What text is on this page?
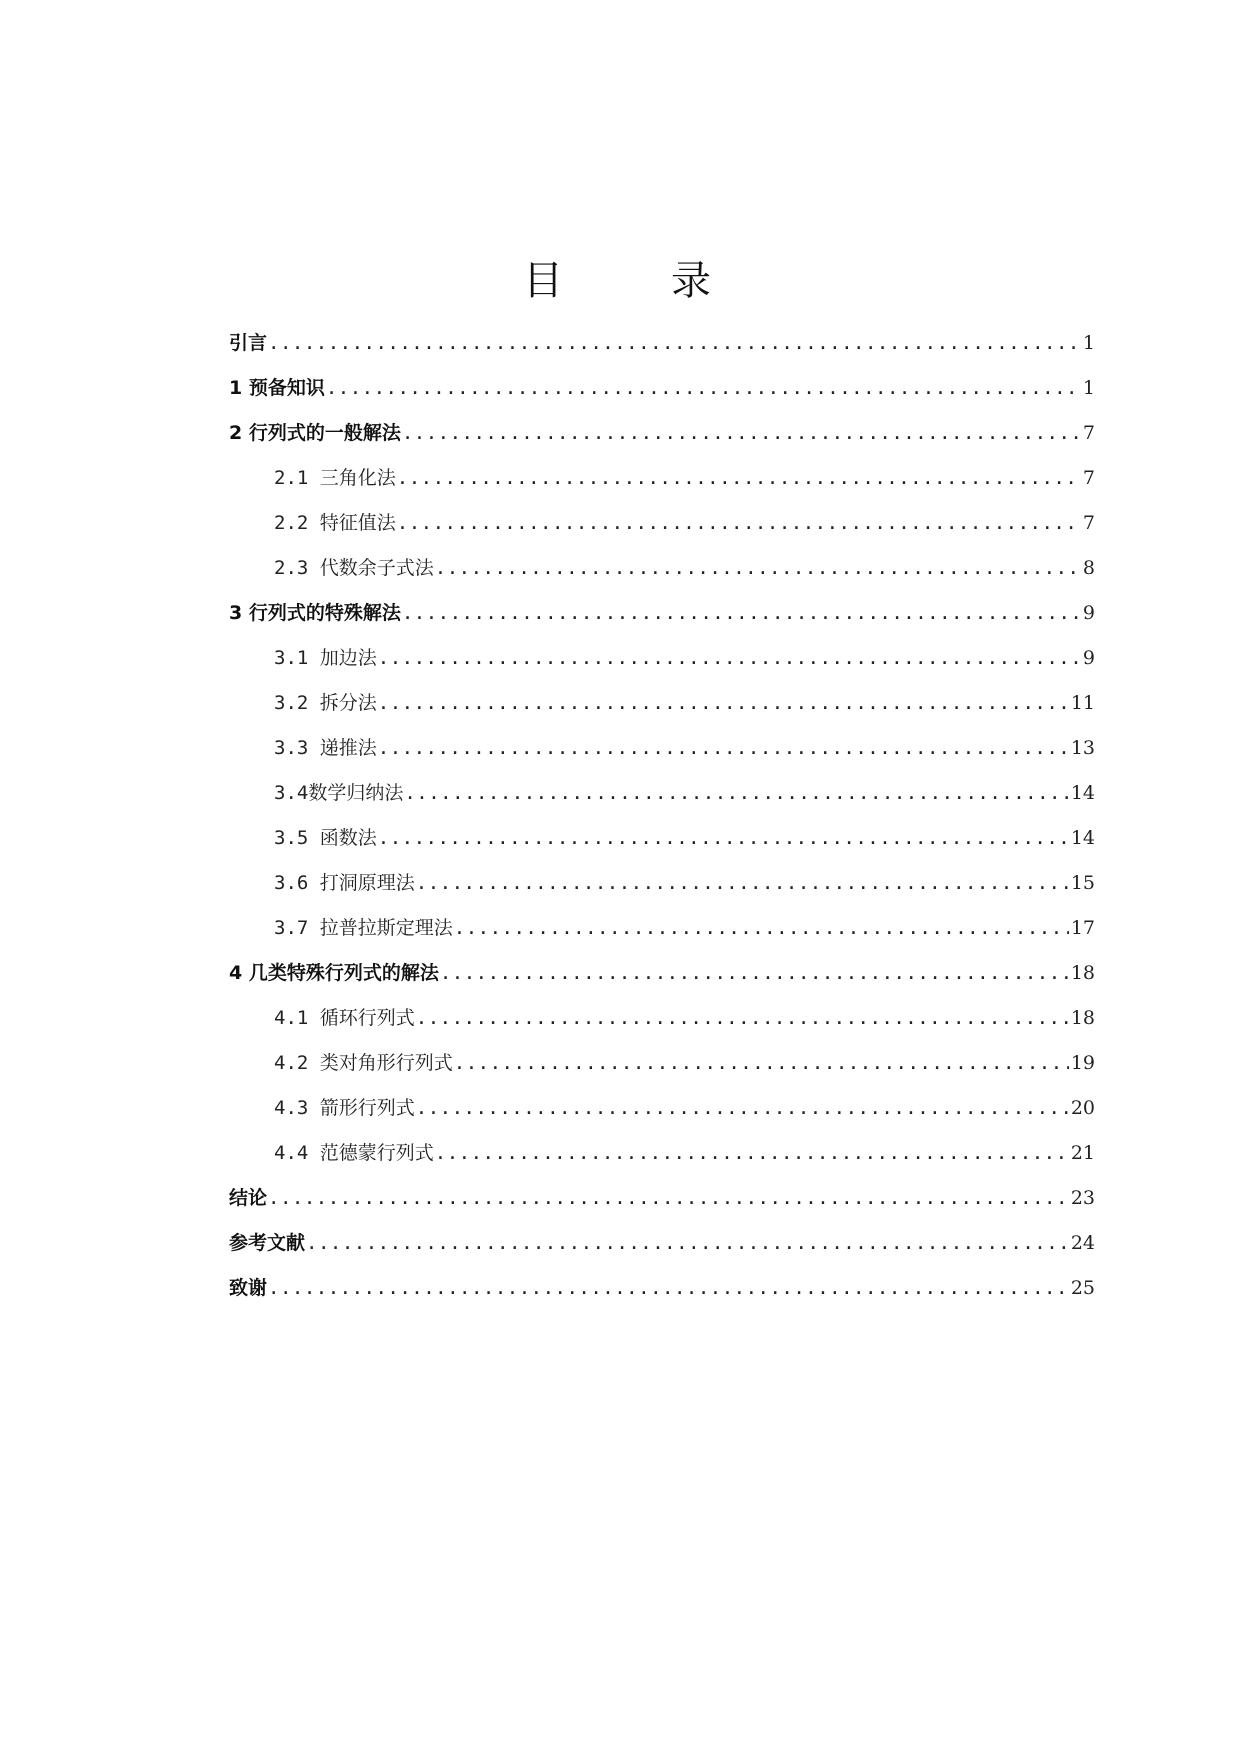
目　录
引言 .....	1
1 预备知识 .....	1
2 行列式的一般解法 .....	7
2.1 三角化法 .....	7
2.2 特征值法 .....	7
2.3 代数余子式法 .....	8
3 行列式的特殊解法 .....	9
3.1 加边法 .....	9
3.2 拆分法 .....	11
3.3 递推法 .....	13
3.4数学归纳法 .....	14
3.5 函数法 .....	14
3.6 打洞原理法 .....	15
3.7 拉普拉斯定理法 .....	17
4 几类特殊行列式的解法 .....	18
4.1 循环行列式 .....	18
4.2 类对角形行列式 .....	19
4.3 箭形行列式 .....	20
4.4 范德蒙行列式 .....	21
结论 .....	23
参考文献 .....	24
致谢 .....	25
